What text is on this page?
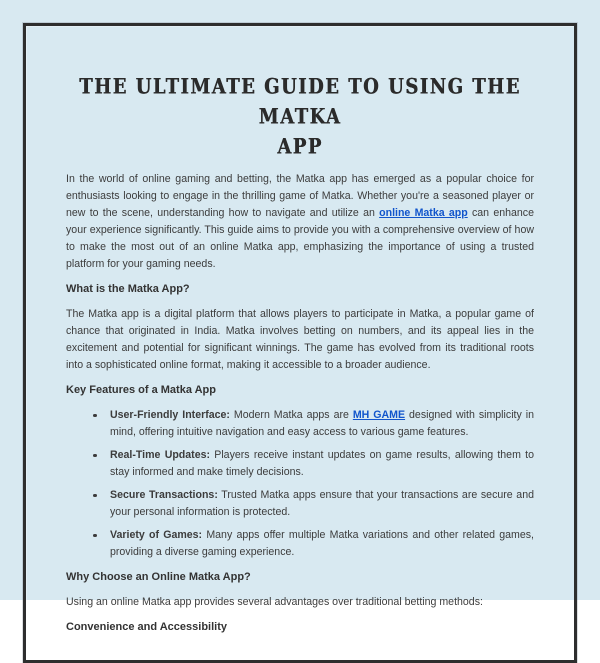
THE ULTIMATE GUIDE TO USING THE MATKA
APP

In the world of online gaming and betting, the Matka app has emerged as a popular choice for enthusiasts looking to engage in the thrilling game of Matka. Whether you're a seasoned player or new to the scene, understanding how to navigate and utilize an online Matka app can enhance your experience significantly. This guide aims to provide you with a comprehensive overview of how to make the most out of an online Matka app, emphasizing the importance of using a trusted platform for your gaming needs.

What is the Matka App?

The Matka app is a digital platform that allows players to participate in Matka, a popular game of chance that originated in India. Matka involves betting on numbers, and its appeal lies in the excitement and potential for significant winnings. The game has evolved from its traditional roots into a sophisticated online format, making it accessible to a broader audience.

Key Features of a Matka App
User-Friendly Interface: Modern Matka apps are MH GAME designed with simplicity in mind, offering intuitive navigation and easy access to various game features.
Real-Time Updates: Players receive instant updates on game results, allowing them to stay informed and make timely decisions.
Secure Transactions: Trusted Matka apps ensure that your transactions are secure and your personal information is protected.
Variety of Games: Many apps offer multiple Matka variations and other related games, providing a diverse gaming experience.
Why Choose an Online Matka App?

Using an online Matka app provides several advantages over traditional betting methods:

Convenience and Accessibility
